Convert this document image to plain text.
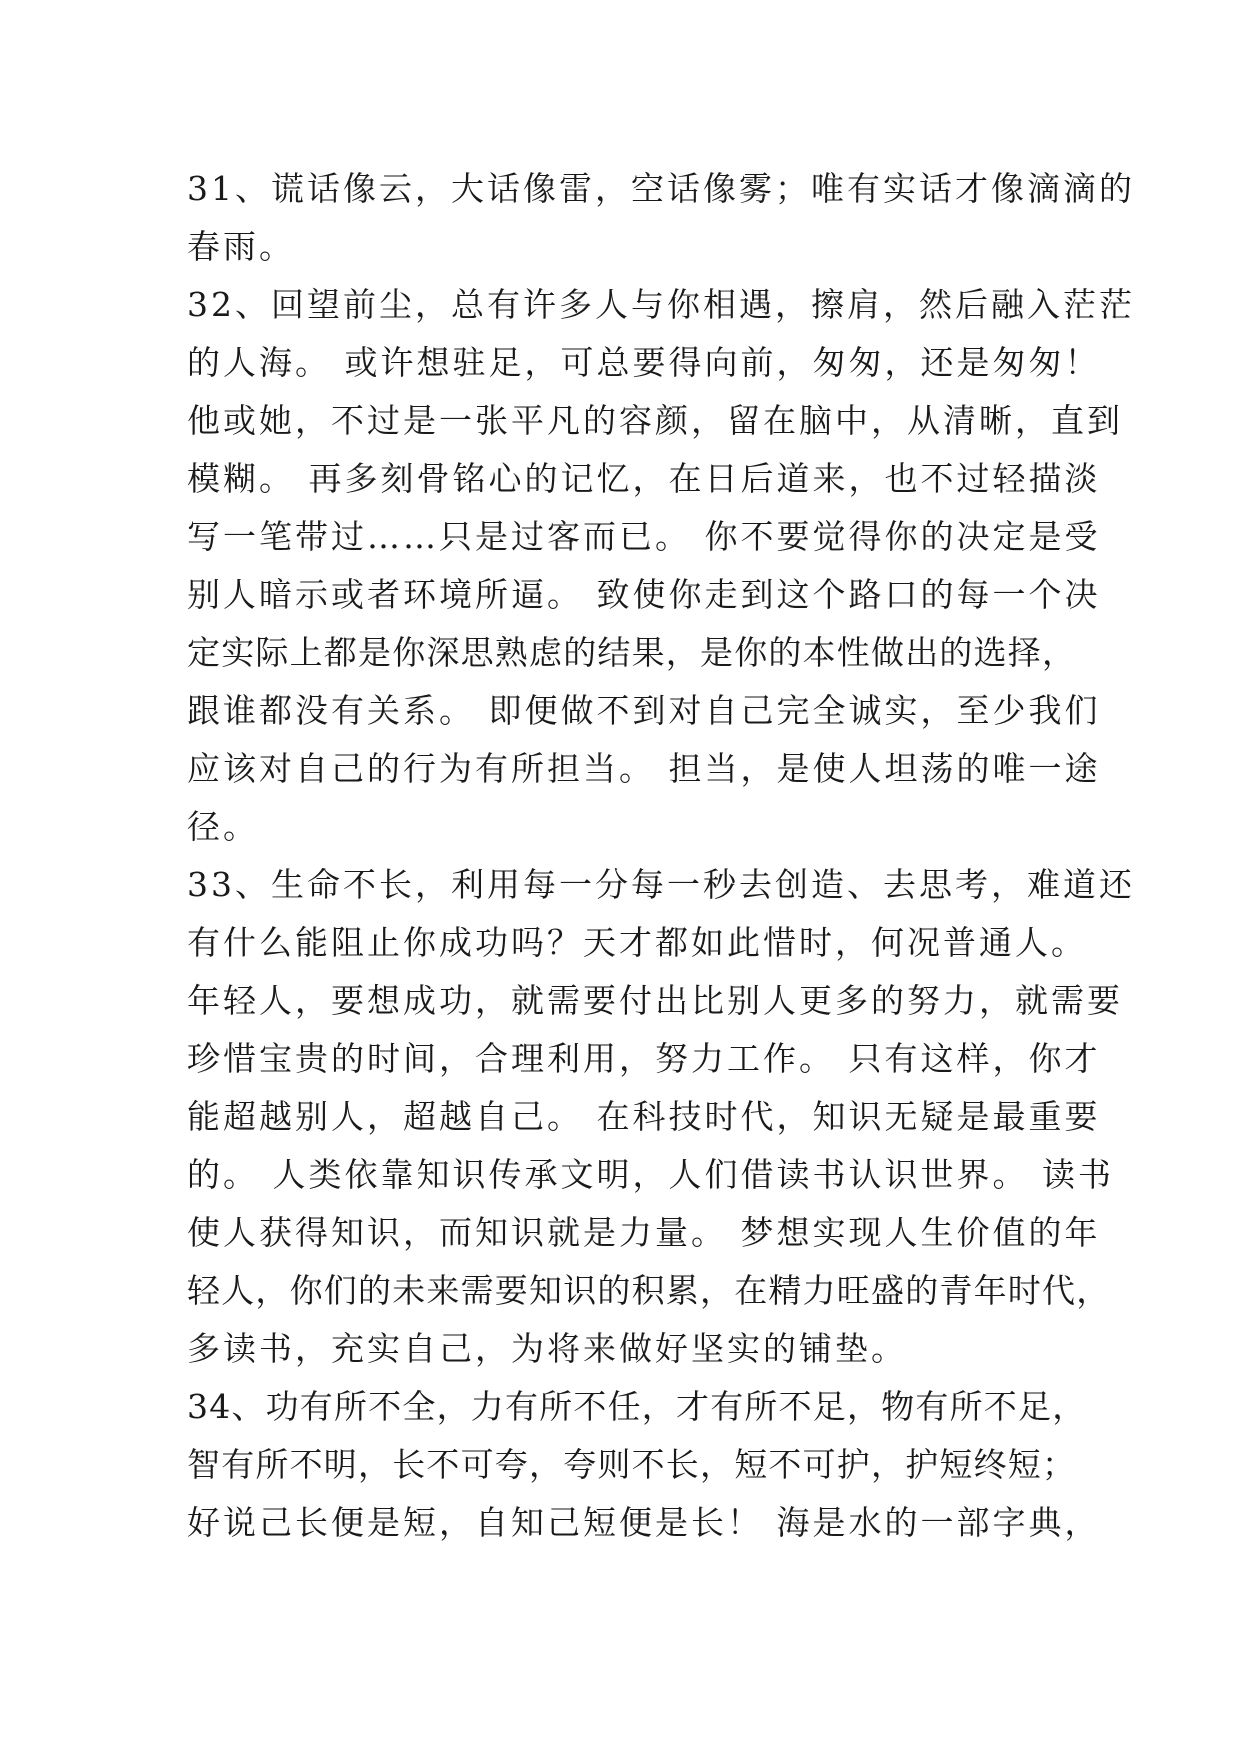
31、谎话像云，大话像雷，空话像雾；唯有实话才像滴滴的
春雨。
32、回望前尘，总有许多人与你相遇，擦肩，然后融入茫茫
的人海。 或许想驻足，可总要得向前，匆匆，还是匆匆！
他或她，不过是一张平凡的容颜，留在脑中，从清晰，直到
模糊。 再多刻骨铭心的记忆，在日后道来，也不过轻描淡
写一笔带过……只是过客而已。 你不要觉得你的决定是受
别人暗示或者环境所逼。 致使你走到这个路口的每一个决
定实际上都是你深思熟虑的结果，是你的本性做出的选择，
跟谁都没有关系。 即便做不到对自己完全诚实，至少我们
应该对自己的行为有所担当。 担当，是使人坦荡的唯一途
径。
33、生命不长，利用每一分每一秒去创造、去思考，难道还
有什么能阻止你成功吗？天才都如此惜时，何况普通人。
年轻人，要想成功，就需要付出比别人更多的努力，就需要
珍惜宝贵的时间，合理利用，努力工作。 只有这样，你才
能超越别人，超越自己。 在科技时代，知识无疑是最重要
的。 人类依靠知识传承文明，人们借读书认识世界。 读书
使人获得知识，而知识就是力量。 梦想实现人生价值的年
轻人，你们的未来需要知识的积累，在精力旺盛的青年时代，
多读书，充实自己，为将来做好坚实的铺垫。
34、功有所不全，力有所不任，才有所不足，物有所不足，
智有所不明，长不可夸，夸则不长，短不可护，护短终短；
好说己长便是短，自知己短便是长！ 海是水的一部字典，
